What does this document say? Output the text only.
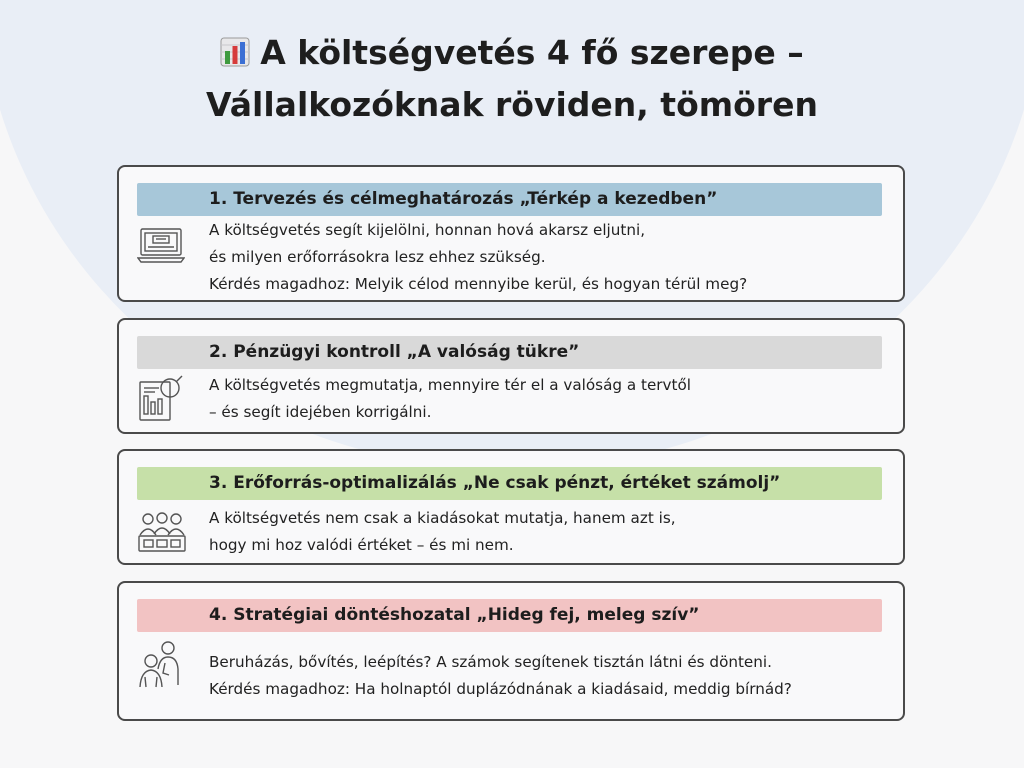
A költségvetés 4 fő szerepe –
Vállalkozóknak röviden, tömören
1. Tervezés és célmeghatározás „Térkép a kezedben”

A költségvetés segít kijelölni, honnan hová akarsz eljutni,

és milyen erőforrásokra lesz ehhez szükség.

Kérdés magadhoz: Melyik célod mennyibe kerül, és hogyan térül meg?

2. Pénzügyi kontroll „A valóság tükre”

A költségvetés megmutatja, mennyire tér el a valóság a tervtől

– és segít idejében korrigálni.

3. Erőforrás-optimalizálás „Ne csak pénzt, értéket számolj”

A költségvetés nem csak a kiadásokat mutatja, hanem azt is,

hogy mi hoz valódi értéket – és mi nem.

4. Stratégiai döntéshozatal „Hideg fej, meleg szív”

Beruházás, bővítés, leépítés? A számok segítenek tisztán látni és dönteni.

Kérdés magadhoz: Ha holnaptól duplázódnának a kiadásaid, meddig bírnád?
